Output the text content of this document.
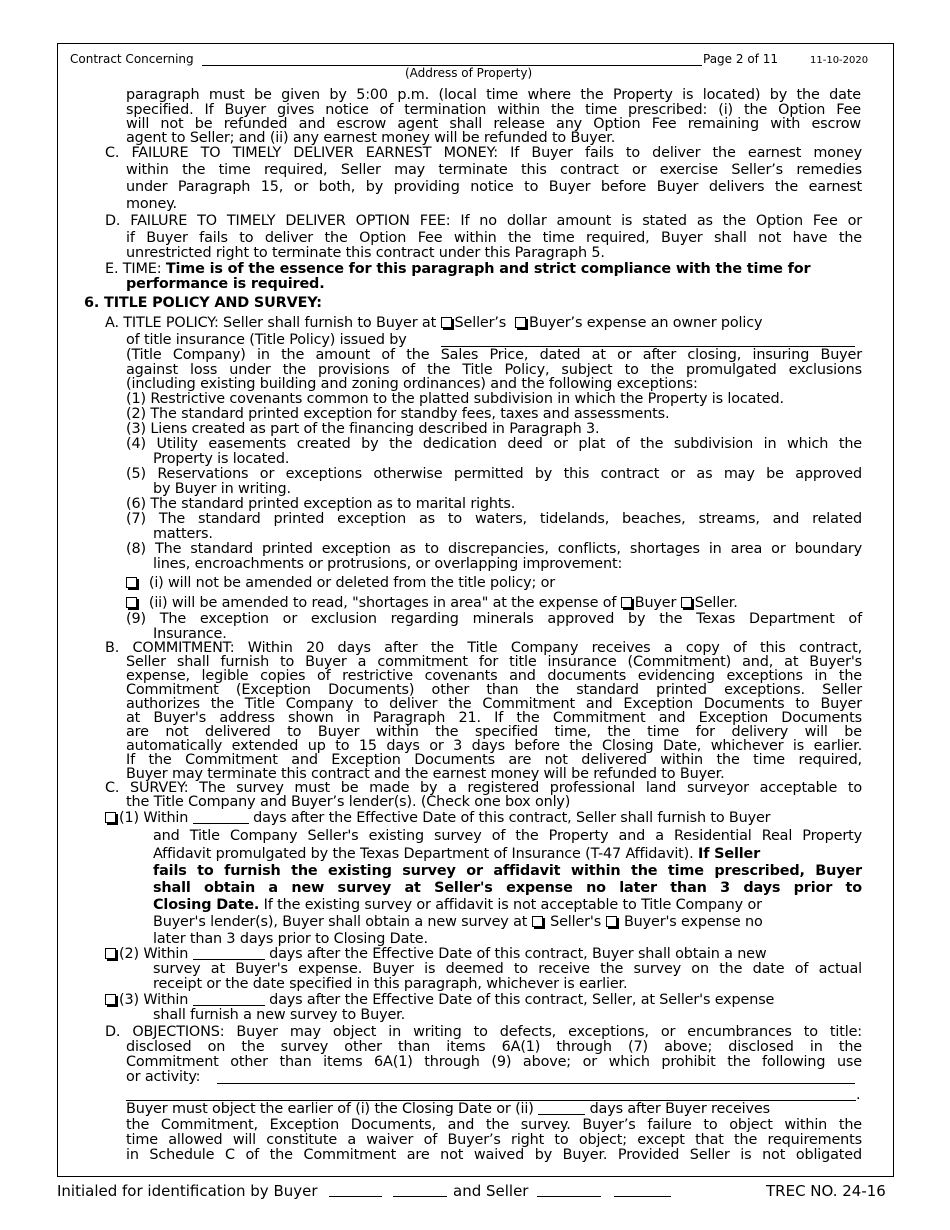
Contract Concerning
(Address of Property)
Page 2 of 11	11-10-2020
paragraph must be given by 5:00 p.m. (local time where the Property is located) by the date
specified. If Buyer gives notice of termination within the time prescribed: (i) the Option Fee
will not be refunded and escrow agent shall release any Option Fee remaining with escrow
agent to Seller; and (ii) any earnest money will be refunded to Buyer.
C. FAILURE TO TIMELY DELIVER EARNEST MONEY: If Buyer fails to deliver the earnest money
within the time required, Seller may terminate this contract or exercise Seller’s remedies
under Paragraph 15, or both, by providing notice to Buyer before Buyer delivers the earnest
money.
D. FAILURE TO TIMELY DELIVER OPTION FEE: If no dollar amount is stated as the Option Fee or
if Buyer fails to deliver the Option Fee within the time required, Buyer shall not have the
unrestricted right to terminate this contract under this Paragraph 5.
E. TIME: Time is of the essence for this paragraph and strict compliance with the time for
performance is required.
6. TITLE POLICY AND SURVEY:
A. TITLE POLICY: Seller shall furnish to Buyer at Seller’s Buyer’s expense an owner policy
of title insurance (Title Policy) issued by
(Title Company) in the amount of the Sales Price, dated at or after closing, insuring Buyer
against loss under the provisions of the Title Policy, subject to the promulgated exclusions
(including existing building and zoning ordinances) and the following exceptions:
(1) Restrictive covenants common to the platted subdivision in which the Property is located.
(2) The standard printed exception for standby fees, taxes and assessments.
(3) Liens created as part of the financing described in Paragraph 3.
(4) Utility easements created by the dedication deed or plat of the subdivision in which the
Property is located.
(5) Reservations or exceptions otherwise permitted by this contract or as may be approved
by Buyer in writing.
(6) The standard printed exception as to marital rights.
(7) The standard printed exception as to waters, tidelands, beaches, streams, and related
matters.
(8) The standard printed exception as to discrepancies, conflicts, shortages in area or boundary
lines, encroachments or protrusions, or overlapping improvement:
(i) will not be amended or deleted from the title policy; or
(ii) will be amended to read, "shortages in area" at the expense of Buyer Seller.
(9) The exception or exclusion regarding minerals approved by the Texas Department of
Insurance.
B. COMMITMENT: Within 20 days after the Title Company receives a copy of this contract,
Seller shall furnish to Buyer a commitment for title insurance (Commitment) and, at Buyer's
expense, legible copies of restrictive covenants and documents evidencing exceptions in the
Commitment (Exception Documents) other than the standard printed exceptions. Seller
authorizes the Title Company to deliver the Commitment and Exception Documents to Buyer
at Buyer's address shown in Paragraph 21. If the Commitment and Exception Documents
are not delivered to Buyer within the specified time, the time for delivery will be
automatically extended up to 15 days or 3 days before the Closing Date, whichever is earlier.
If the Commitment and Exception Documents are not delivered within the time required,
Buyer may terminate this contract and the earnest money will be refunded to Buyer.
C. SURVEY: The survey must be made by a registered professional land surveyor acceptable to
the Title Company and Buyer’s lender(s). (Check one box only)
(1) Within	days after the Effective Date of this contract, Seller shall furnish to Buyer
and Title Company Seller's existing survey of the Property and a Residential Real Property
Affidavit promulgated by the Texas Department of Insurance (T-47 Affidavit). If Seller
fails to furnish the existing survey or affidavit within the time prescribed, Buyer
shall obtain a new survey at Seller's expense no later than 3 days prior to
Closing Date. If the existing survey or affidavit is not acceptable to Title Company or
Buyer's lender(s), Buyer shall obtain a new survey at  Seller's  Buyer's expense no
later than 3 days prior to Closing Date.
(2) Within	days after the Effective Date of this contract, Buyer shall obtain a new
survey at Buyer's expense. Buyer is deemed to receive the survey on the date of actual
receipt or the date specified in this paragraph, whichever is earlier.
(3) Within	days after the Effective Date of this contract, Seller, at Seller's expense
shall furnish a new survey to Buyer.
D. OBJECTIONS: Buyer may object in writing to defects, exceptions, or encumbrances to title:
disclosed on the survey other than items 6A(1) through (7) above; disclosed in the
Commitment other than items 6A(1) through (9) above; or which prohibit the following use
or activity:
.
Buyer must object the earlier of (i) the Closing Date or (ii)	days after Buyer receives
the Commitment, Exception Documents, and the survey. Buyer’s failure to object within the
time allowed will constitute a waiver of Buyer’s right to object; except that the requirements
in Schedule C of the Commitment are not waived by Buyer. Provided Seller is not obligated
Initialed for identification by Buyer	and Seller	TREC NO. 24-16
